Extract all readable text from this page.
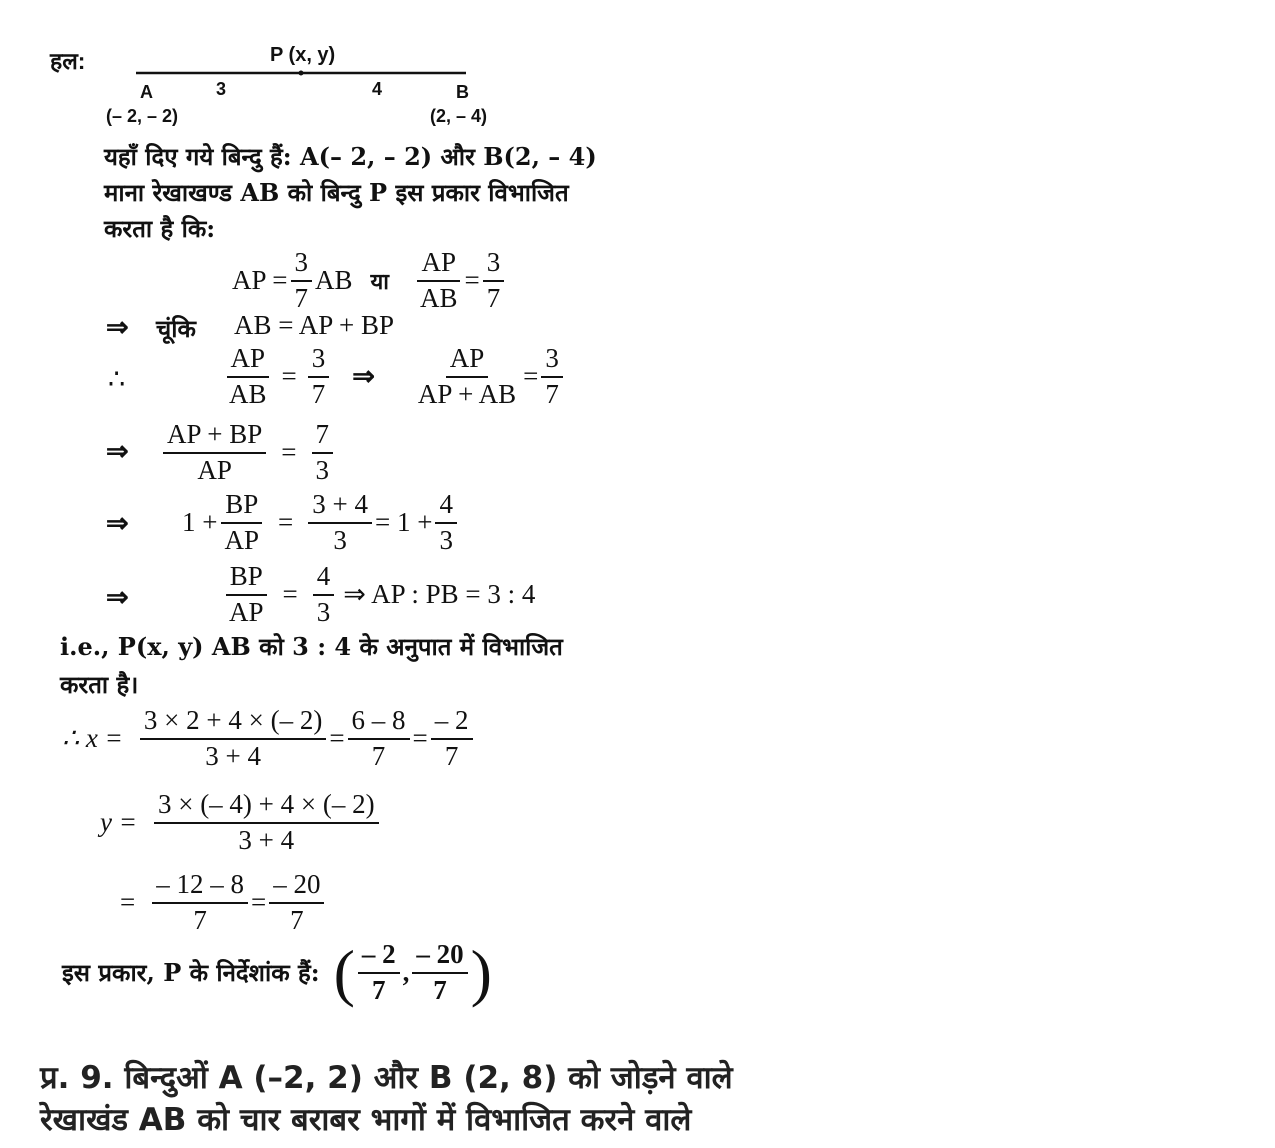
हल:	P (x, y)
A	3	4	B
(– 2, – 2)	(2, – 4)
यहाँ दिए गये बिन्दु हैं: A(– 2, – 2) और B(2, – 4)
माना रेखाखण्ड AB को बिन्दु P इस प्रकार विभाजित
करता है कि:
AP = $\frac{3}{7}$ AB या $\frac{AP}{AB} = \frac{3}{7}$
⇒ चूंकि AB = AP + BP
∴	$\frac{AP}{AB} = \frac{3}{7}$ ⇒ $\frac{AP}{AP + AB} = \frac{3}{7}$
⇒ $\frac{AP + BP}{AP} = \frac{7}{3}$
⇒ $1 + \frac{BP}{AP} = \frac{3 + 4}{3} = 1 + \frac{4}{3}$
⇒	$\frac{BP}{AP} = \frac{4}{3}$ ⇒ AP : PB = 3 : 4
i.e., P(x, y) AB को 3 : 4 के अनुपात में विभाजित
करता है।
∴ $x = \frac{3 \times 2 + 4 \times (- 2)}{3 + 4} = \frac{6 - 8}{7} = \frac{- 2}{7}$
$y = \frac{3 \times (- 4) + 4 \times (- 2)}{3 + 4}$
= $\frac{- 12 - 8}{7} = \frac{- 20}{7}$
इस प्रकार, P के निर्देशांक हैं: ( $\frac{- 2}{7}$ , $\frac{- 20}{7}$ )
प्र. 9. बिन्दुओं A (–2, 2) और B (2, 8) को जोड़ने वाले
रेखाखंड AB को चार बराबर भागों में विभाजित करने वाले
